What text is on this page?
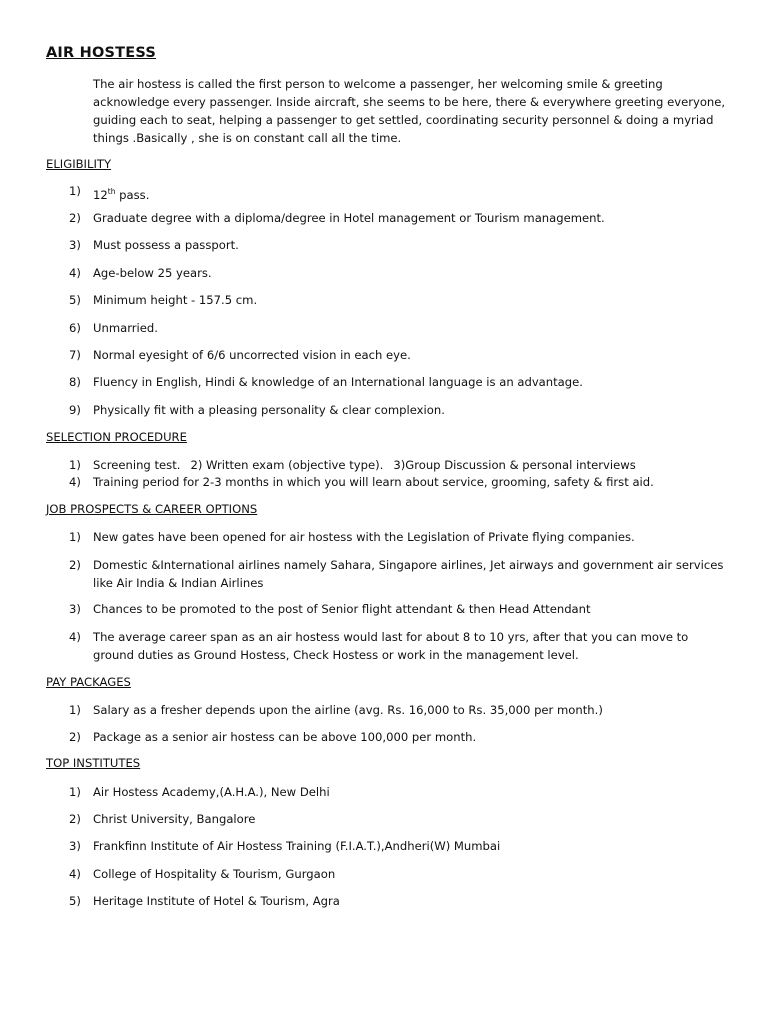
AIR HOSTESS

The air hostess is called the first person to welcome a passenger, her welcoming smile & greeting acknowledge every passenger. Inside aircraft, she seems to be here, there & everywhere greeting everyone, guiding each to seat, helping a passenger to get settled, coordinating security personnel & doing a myriad things .Basically , she is on constant call all the time.

ELIGIBILITY

1)	12th pass.
2)	Graduate degree with a diploma/degree in Hotel management or Tourism management.
3)	Must possess a passport.
4)	Age-below 25 years.
5)	Minimum height - 157.5 cm.
6)	Unmarried.
7)	Normal eyesight of 6/6 uncorrected vision in each eye.
8)	Fluency in English, Hindi & knowledge of an International language is an advantage.
9)	Physically fit with a pleasing personality & clear complexion.

SELECTION PROCEDURE

1)	Screening test. 2) Written exam (objective type). 3)Group Discussion & personal interviews
4)	Training period for 2-3 months in which you will learn about service, grooming, safety & first aid.

JOB PROSPECTS & CAREER OPTIONS

1)	New gates have been opened for air hostess with the Legislation of Private flying companies.
2)	Domestic &International airlines namely Sahara, Singapore airlines, Jet airways and government air services like Air India & Indian Airlines
3)	Chances to be promoted to the post of Senior flight attendant & then Head Attendant
4)	The average career span as an air hostess would last for about 8 to 10 yrs, after that you can move to ground duties as Ground Hostess, Check Hostess or work in the management level.

PAY PACKAGES

1)	Salary as a fresher depends upon the airline (avg. Rs. 16,000 to Rs. 35,000 per month.)
2)	Package as a senior air hostess can be above 100,000 per month.

TOP INSTITUTES

1)	Air Hostess Academy,(A.H.A.), New Delhi
2)	Christ University, Bangalore
3)	Frankfinn Institute of Air Hostess Training (F.I.A.T.),Andheri(W) Mumbai
4)	College of Hospitality & Tourism, Gurgaon
5)	Heritage Institute of Hotel & Tourism, Agra
